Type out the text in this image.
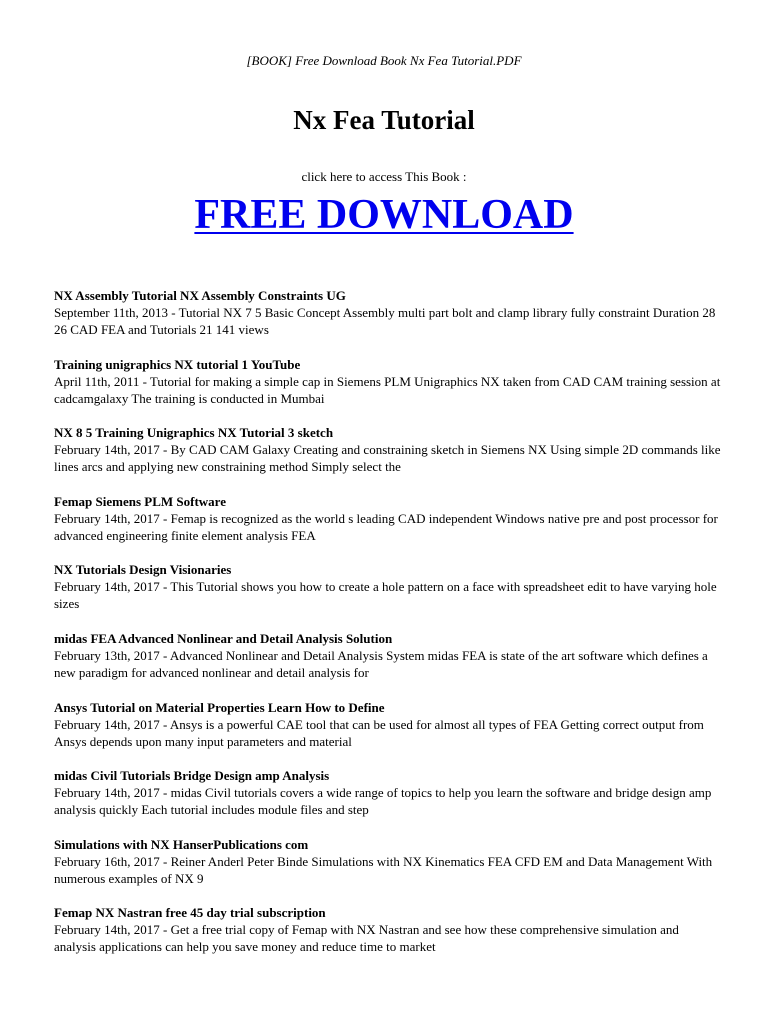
[BOOK] Free Download Book Nx Fea Tutorial.PDF
Nx Fea Tutorial
click here to access This Book :
FREE DOWNLOAD
NX Assembly Tutorial NX Assembly Constraints UG
September 11th, 2013 - Tutorial NX 7 5 Basic Concept Assembly multi part bolt and clamp library fully constraint Duration 28 26 CAD FEA and Tutorials 21 141 views
Training unigraphics NX tutorial 1 YouTube
April 11th, 2011 - Tutorial for making a simple cap in Siemens PLM Unigraphics NX taken from CAD CAM training session at cadcamgalaxy The training is conducted in Mumbai
NX 8 5 Training Unigraphics NX Tutorial 3 sketch
February 14th, 2017 - By CAD CAM Galaxy Creating and constraining sketch in Siemens NX Using simple 2D commands like lines arcs and applying new constraining method Simply select the
Femap Siemens PLM Software
February 14th, 2017 - Femap is recognized as the world s leading CAD independent Windows native pre and post processor for advanced engineering finite element analysis FEA
NX Tutorials Design Visionaries
February 14th, 2017 - This Tutorial shows you how to create a hole pattern on a face with spreadsheet edit to have varying hole sizes
midas FEA Advanced Nonlinear and Detail Analysis Solution
February 13th, 2017 - Advanced Nonlinear and Detail Analysis System midas FEA is state of the art software which defines a new paradigm for advanced nonlinear and detail analysis for
Ansys Tutorial on Material Properties Learn How to Define
February 14th, 2017 - Ansys is a powerful CAE tool that can be used for almost all types of FEA Getting correct output from Ansys depends upon many input parameters and material
midas Civil Tutorials Bridge Design amp Analysis
February 14th, 2017 - midas Civil tutorials covers a wide range of topics to help you learn the software and bridge design amp analysis quickly Each tutorial includes module files and step
Simulations with NX HanserPublications com
February 16th, 2017 - Reiner Anderl Peter Binde Simulations with NX Kinematics FEA CFD EM and Data Management With numerous examples of NX 9
Femap NX Nastran free 45 day trial subscription
February 14th, 2017 - Get a free trial copy of Femap with NX Nastran and see how these comprehensive simulation and analysis applications can help you save money and reduce time to market
